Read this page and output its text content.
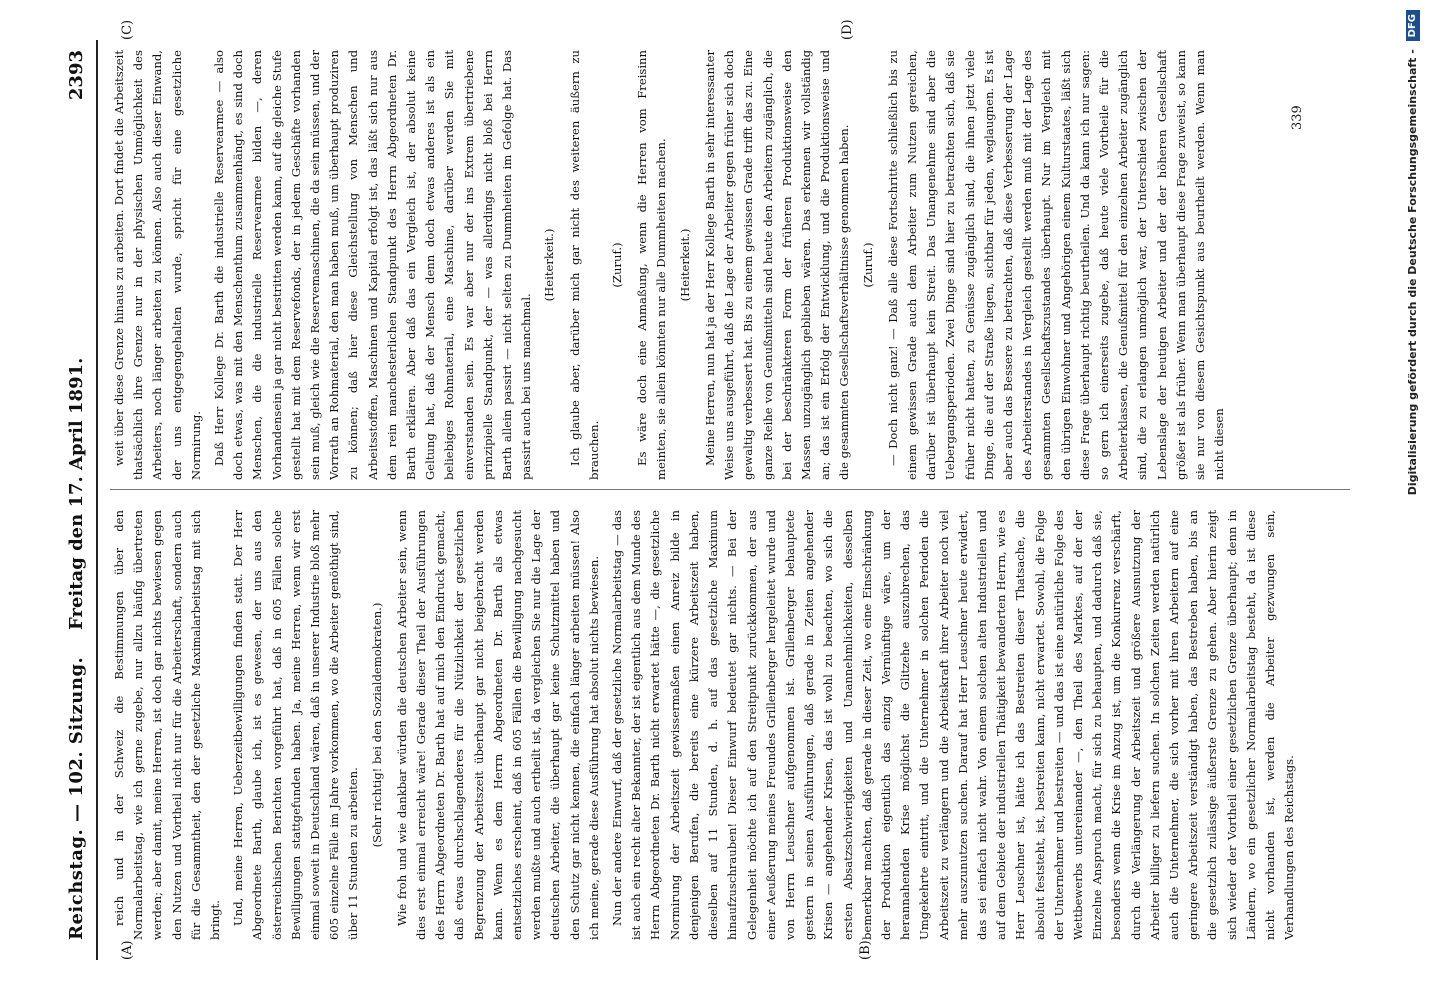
Reichstag. — 102. Sitzung.
Freitag den 17. April 1891.
2393
(A)	(B)
(C)	(D)

reich und in der Schweiz die Bestimmungen über den Normalarbeitstag, wie ich gerne zugebe, nur allzu häufig übertreten werden; aber damit, meine Herren, ist doch gar nichts bewiesen gegen den Nutzen und Vortheil nicht nur für die Arbeiterschaft, sondern auch für die Gesammtheit, den der gesetzliche Maximalarbeitstag mit sich bringt. Und, meine Herren, Ueberzeitbewilligungen finden statt. Der Herr Abgeordnete Barth, glaube ich, ist es gewesen, der uns aus den österreichischen Berichten vorgeführt hat, daß in 605 Fällen solche Bewilligungen stattgefunden haben. Ja, meine Herren, wenn wir erst einmal soweit in Deutschland wären, daß in unserer Industrie bloß mehr 605 einzelne Fälle im Jahre vorkommen, wo die Arbeiter genöthigt sind, über 11 Stunden zu arbeiten.

(Sehr richtig! bei den Sozialdemokraten.) Wie froh und wie dankbar würden die deutschen Arbeiter sein, wenn dies erst einmal erreicht wäre! Gerade dieser Theil der Ausführungen des Herrn Abgeordneten Dr. Barth hat auf mich den Eindruck gemacht, daß etwas durchschlagenderes für die Nützlichkeit der gesetzlichen Begrenzung der Arbeitszeit überhaupt gar nicht beigebracht werden kann. Wenn es dem Herrn Abgeordneten Dr. Barth als etwas entsetzliches erscheint, daß in 605 Fällen die Bewilligung nachgesucht werden mußte und auch ertheilt ist, da vergleichen Sie nur die Lage der deutschen Arbeiter, die überhaupt gar keine Schutzmittel haben und den Schutz gar nicht kennen, die einfach länger arbeiten müssen! Also ich meine, gerade diese Ausführung hat absolut nichts bewiesen. Nun der andere Einwurf, daß der gesetzliche Normalarbeitstag — das ist auch ein recht alter Bekannter, der ist eigentlich aus dem Munde des Herrn Abgeordneten Dr. Barth nicht erwartet hätte —, die gesetzliche Normirung der Arbeitszeit gewissermaßen einen Anreiz bilde in denjenigen Berufen, die bereits eine kürzere Arbeitszeit haben, dieselben auf 11 Stunden, d. h. auf das gesetzliche Maximum hinaufzuschrauben! Dieser Einwurf bedeutet gar nichts. — Bei der Gelegenheit möchte ich auf den Streitpunkt zurückkommen, der aus einer Aeußerung meines Freundes Grillenberger hergeleitet wurde und von Herrn Leuschner aufgenommen ist. Grillenberger behauptete gestern in seinen Ausführungen, daß gerade in Zeiten angehender Krisen — angehender Krisen, das ist wohl zu beachten, wo sich die ersten Absatzschwierigkeiten und Unannehmlichkeiten, desselben bemerkbar machten, daß gerade in dieser Zeit, wo eine Einschränkung der Produktion eigentlich das einzig Vernünftige wäre, um der herannahenden Krise möglichst die Glitzehe auszubrechen, das Umgekehrte eintritt, und die Unternehmer in solchen Perioden die Arbeitszeit zu verlängern und die Arbeitskraft ihrer Arbeiter noch viel mehr auszunutzen suchen. Darauf hat Herr Leuschner heute erwidert, das sei einfach nicht wahr. Von einem solchen alten Industriellen und auf dem Gebiete der industriellen Thätigkeit bewanderten Herrn, wie es Herr Leuschner ist, hätte ich das Bestreiten dieser Thatsache, die absolut feststeht, ist, bestreiten kann, nicht erwartet. Sowohl, die Folge der Unternehmer und bestreiten — und das ist eine natürliche Folge des Wettbewerbs untereinander —, den Theil des Marktes, auf der der Einzelne Anspruch macht, für sich zu behaupten, und dadurch daß sie, besonders wenn die Krise im Anzug ist, um die Konkurrenz verschärft, durch die Verlängerung der Arbeitszeit und größere Ausnutzung der Arbeiter billiger zu liefern suchen. In solchen Zeiten werden natürlich auch die Unternehmer, die sich vorher mit ihren Arbeitern auf eine geringere Arbeitszeit verständigt haben, das Bestreben haben, bis an die gesetzlich zulässige äußerste Grenze zu gehen. Aber hierin zeigt sich wieder der Vortheil einer gesetzlichen Grenze überhaupt; denn in Ländern, wo ein gesetzlicher Normalarbeitstag besteht, da ist diese nicht vorhanden ist, werden die Arbeiter gezwungen sein, Verhandlungen des Reichstags.

weit über diese Grenze hinaus zu arbeiten. Dort findet die Arbeitszeit thatsächlich ihre Grenze nur in der physischen Unmöglichkeit des Arbeiters, noch länger arbeiten zu können. Also auch dieser Einwand, der uns entgegengehalten wurde, spricht für eine gesetzliche Normirung. Daß Herr Kollege Dr. Barth die industrielle Reservearmee — also doch etwas, was mit den Menschenthum zusammenhängt, es sind doch Menschen, die die industrielle Reservearmee bilden —, deren Vorhandensein ja gar nicht bestritten werden kann, auf die gleiche Stufe gestellt hat mit dem Reservefonds, der in jedem Geschäfte vorhanden sein muß, gleich wie die Reservemaschinen, die da sein müssen, und der Vorrath an Rohmaterial, den man haben muß, um überhaupt produziren zu können; daß hier diese Gleichstellung von Menschen und Arbeitsstoffen, Maschinen und Kapital erfolgt ist, das läßt sich nur aus dem rein manchesterlichen Standpunkt des Herrn Abgeordneten Dr. Barth erklären. Aber daß das ein Vergleich ist, der absolut keine Geltung hat, daß der Mensch denn doch etwas anderes ist als ein beliebiges Rohmaterial, eine Maschine, darüber werden Sie mit einverstanden sein. Es war aber nur der ins Extrem übertriebene prinzipielle Standpunkt, der — was allerdings nicht bloß bei Herrn Barth allein passirt — nicht selten zu Dummheiten im Gefolge hat. Das passirt auch bei uns manchmal.

(Heiterkeit.) Ich glaube aber, darüber mich gar nicht des weiteren äußern zu brauchen.

(Zuruf.) Es wäre doch eine Anmaßung, wenn die Herren vom Freisinn meinten, sie allein könnten nur alle Dummheiten machen. (Heiterkeit.) Meine Herren, nun hat ja der Herr Kollege Barth in sehr interessanter Weise uns ausgeführt, daß die Lage der Arbeiter gegen früher sich doch gewaltig verbessert hat. Bis zu einem gewissen Grade trifft das zu. Eine ganze Reihe von Genußmitteln sind heute den Arbeitern zugänglich, die bei der beschränkteren Form der früheren Produktionsweise den Massen unzugänglich geblieben wären. Das erkennen wir vollständig an; das ist ein Erfolg der Entwicklung, und die Produktionsweise und die gesammten Gesellschaftsverhältnisse genommen haben. (Zuruf.) — Doch nicht ganz! — Daß alle diese Fortschritte schließlich bis zu einem gewissen Grade auch dem Arbeiter zum Nutzen gereichen, darüber ist überhaupt kein Streit. Das Unangenehme sind aber die Uebergangsperioden. Zwei Dinge sind hier zu betrachten sich, daß sie früher nicht hatten, zu Genüsse zugänglich sind, die ihnen jetzt viele Dinge, die auf der Straße liegen, sichtbar für jeden, weglaugnen. Es ist aber auch das Bessere zu betrachten, daß diese Verbesserung der Lage des Arbeiterstandes in Vergleich gestellt werden muß mit der Lage des gesammten Gesellschaftszustandes überhaupt. Nur im Vergleich mit den übrigen Einwohner und Angehörigen einem Kulturstaates, läßt sich diese Frage überhaupt richtig beurtheilen. Und da kann ich nur sagen: so gern ich einerseits zugebe, daß heute viele Vortheile für die Arbeiterklassen, die Genußmittel für den einzelnen Arbeiter zugänglich sind, die zu erlangen unmöglich war, der Unterschied zwischen der Lebenslage der heutigen Arbeiter und der der höheren Gesellschaft größer ist als früher. Wenn man überhaupt diese Frage zuweist, so kann sie nur von diesem Gesichtspunkt aus beurtheilt werden. Wenn man nicht diesen

339	Digitalisierung gefördert durch die Deutsche Forschungsgemeinschaft - DFG
